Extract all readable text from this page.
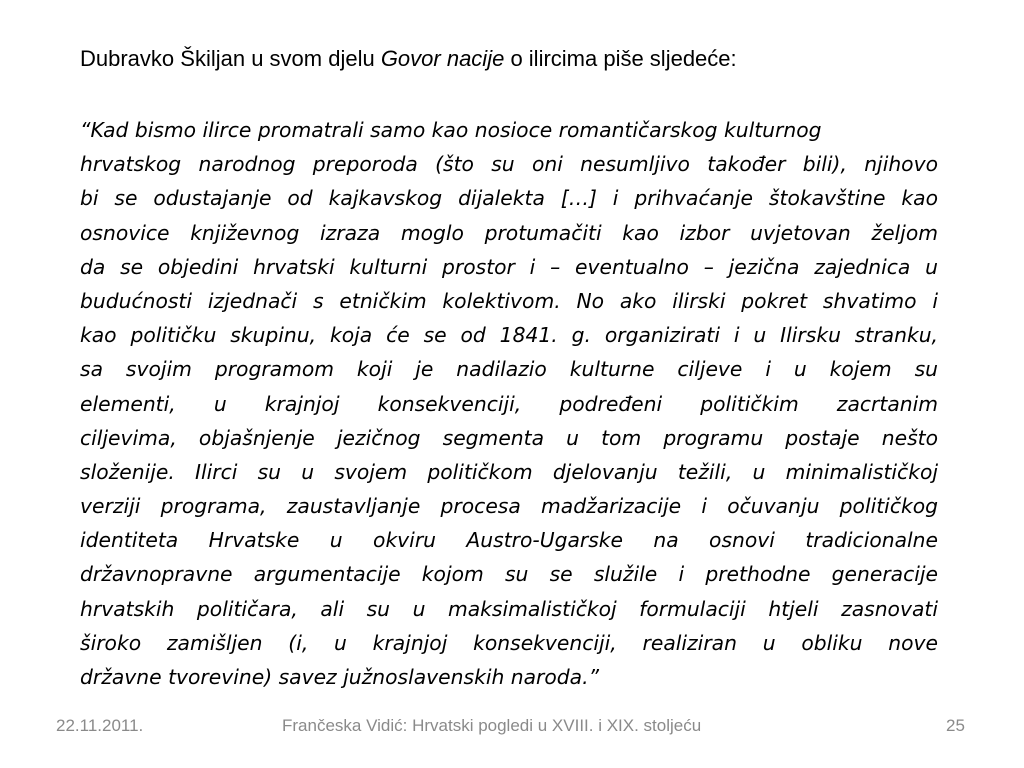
Dubravko Škiljan u svom djelu Govor nacije o ilircima piše sljedeće:
“Kad bismo ilirce promatrali samo kao nosioce romantičarskog kulturnog
hrvatskog narodnog preporoda (što su oni nesumljivo također bili), njihovo
bi se odustajanje od kajkavskog dijalekta […] i prihvaćanje štokavštine kao
osnovice književnog izraza moglo protumačiti kao izbor uvjetovan željom
da se objedini hrvatski kulturni prostor i – eventualno – jezična zajednica u
budućnosti izjednači s etničkim kolektivom. No ako ilirski pokret shvatimo i
kao političku skupinu, koja će se od 1841. g. organizirati i u Ilirsku stranku,
sa svojim programom koji je nadilazio kulturne ciljeve i u kojem su
elementi, u krajnjoj konsekvenciji, podređeni političkim zacrtanim
ciljevima, objašnjenje jezičnog segmenta u tom programu postaje nešto
složenije. Ilirci su u svojem političkom djelovanju težili, u minimalističkoj
verziji programa, zaustavljanje procesa madžarizacije i očuvanju političkog
identiteta Hrvatske u okviru Austro-Ugarske na osnovi tradicionalne
državnopravne argumentacije kojom su se služile i prethodne generacije
hrvatskih političara, ali su u maksimalističkoj formulaciji htjeli zasnovati
široko zamišljen (i, u krajnjoj konsekvenciji, realiziran u obliku nove
državne tvorevine) savez južnoslavenskih naroda.”
22.11.2011.	Frančeska Vidić: Hrvatski pogledi u XVIII. i XIX. stoljeću	25
